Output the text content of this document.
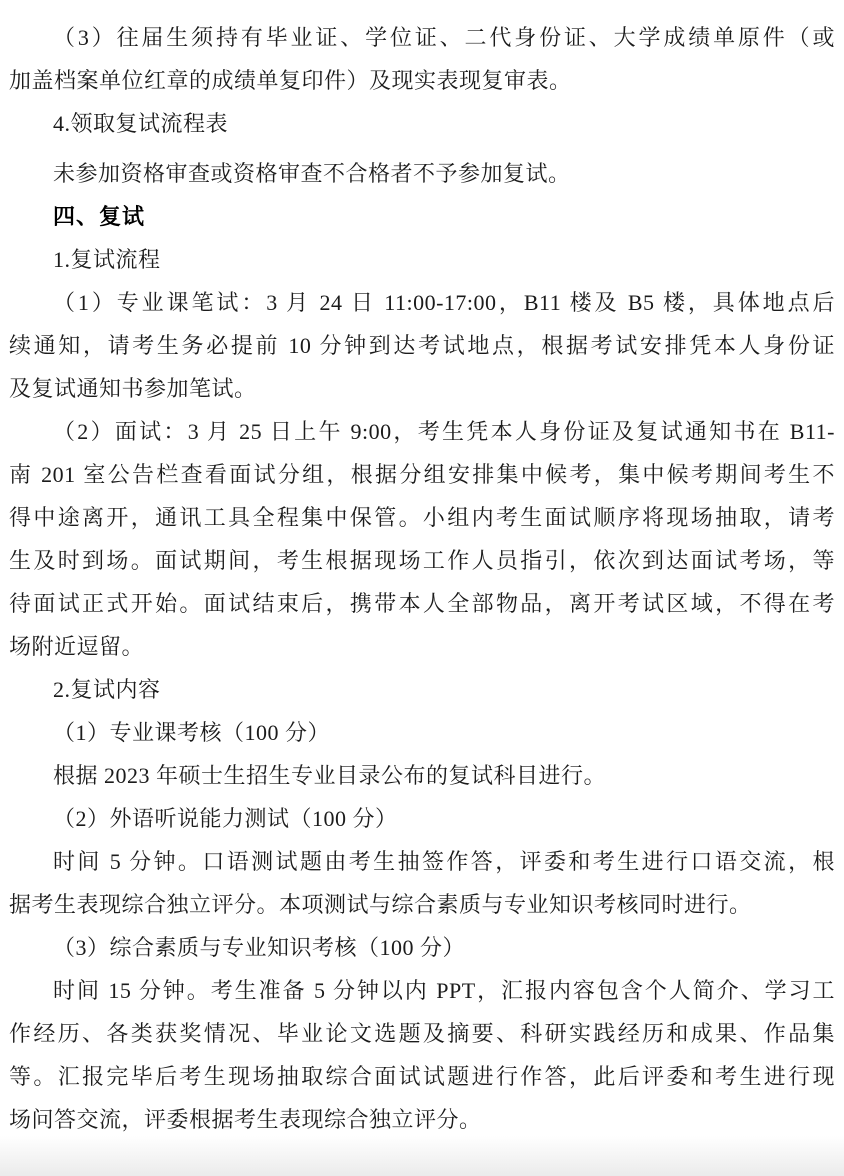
（3）往届生须持有毕业证、学位证、二代身份证、大学成绩单原件（或
加盖档案单位红章的成绩单复印件）及现实表现复审表。
4.领取复试流程表
未参加资格审查或资格审查不合格者不予参加复试。
四、复试
1.复试流程
（1）专业课笔试：3 月 24 日 11:00-17:00，B11 楼及 B5 楼，具体地点后
续通知，请考生务必提前 10 分钟到达考试地点，根据考试安排凭本人身份证
及复试通知书参加笔试。
（2）面试：3 月 25 日上午 9:00，考生凭本人身份证及复试通知书在 B11-
南 201 室公告栏查看面试分组，根据分组安排集中候考，集中候考期间考生不
得中途离开，通讯工具全程集中保管。小组内考生面试顺序将现场抽取，请考
生及时到场。面试期间，考生根据现场工作人员指引，依次到达面试考场，等
待面试正式开始。面试结束后，携带本人全部物品，离开考试区域，不得在考
场附近逗留。
2.复试内容
（1）专业课考核（100 分）
根据 2023 年硕士生招生专业目录公布的复试科目进行。
（2）外语听说能力测试（100 分）
时间 5 分钟。口语测试题由考生抽签作答，评委和考生进行口语交流，根
据考生表现综合独立评分。本项测试与综合素质与专业知识考核同时进行。
（3）综合素质与专业知识考核（100 分）
时间 15 分钟。考生准备 5 分钟以内 PPT，汇报内容包含个人简介、学习工
作经历、各类获奖情况、毕业论文选题及摘要、科研实践经历和成果、作品集
等。汇报完毕后考生现场抽取综合面试试题进行作答，此后评委和考生进行现
场问答交流，评委根据考生表现综合独立评分。
